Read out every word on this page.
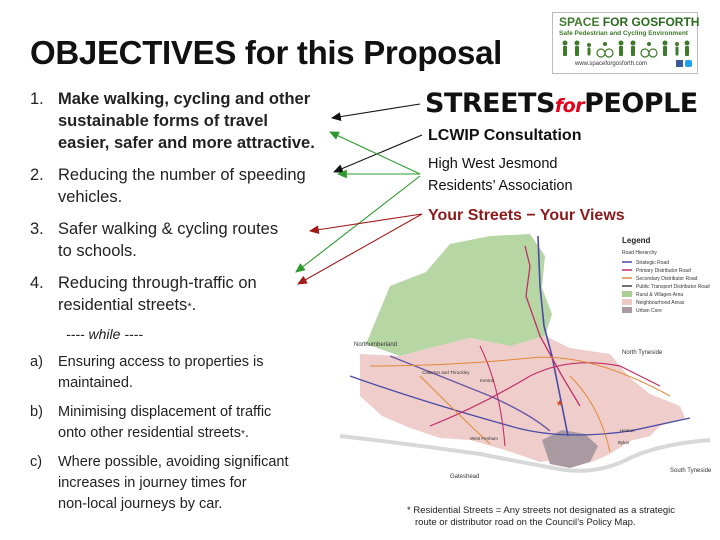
OBJECTIVES for this Proposal
1. Make walking, cycling and other
sustainable forms of travel
easier, safer and more attractive.
2. Reducing the number of speeding
vehicles.
3. Safer walking & cycling routes
to schools.
4. Reducing through-traffic on
residential streets*.
---- while ----
a) Ensuring access to properties is
maintained.
b) Minimising displacement of traffic
onto other residential streets*.
c) Where possible, avoiding significant
increases in journey times for
non-local journeys by car.
SPACE FOR GOSFORTH
Safe Pedestrian and Cycling Environment
www.spaceforgosforth.com
STREETSforPEOPLE
LCWIP Consultation
High West Jesmond
Residents’ Association
Your Streets − Your Views
Legend
Road Hierarchy
Strategic Road
Primary Distributor Road
Secondary Distributor Road
Public Transport Distributor Road
Rural & Villages Area
Neighbourhood Areas
Urban Core
Northumberland
North Tyneside
South Tyneside
Gateshead
Callerton and Throckley
Kenton
West Fenham
Heaton
Byker
*
* Residential Streets = Any streets not designated as a strategic
route or distributor road on the Council’s Policy Map.
